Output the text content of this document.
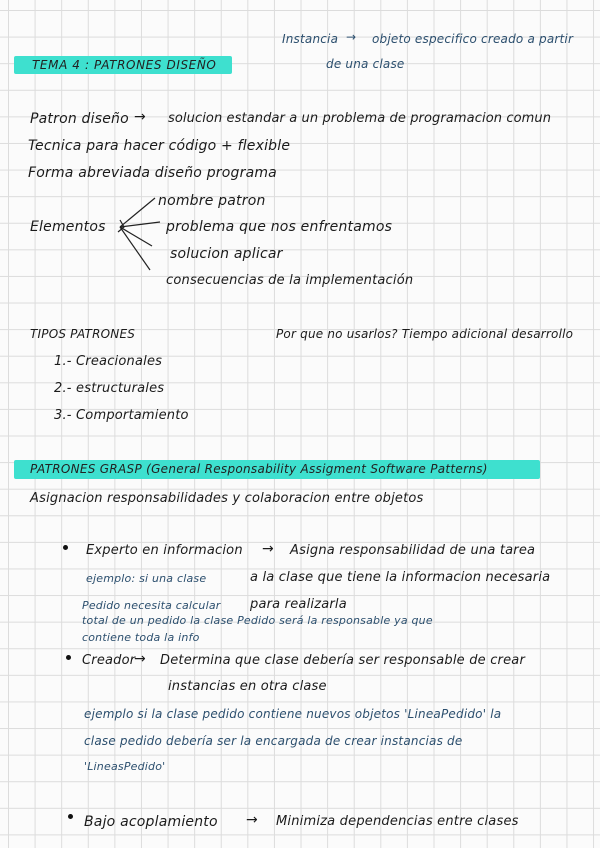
TEMA 4 : PATRONES DISEÑO
Instancia → objeto especifico creado a partir
de una clase
Patron diseño → solucion estandar a un problema de programacion comun
Tecnica para hacer código + flexible
Forma abreviada diseño programa
Elementos
nombre patron
problema que nos enfrentamos
solucion aplicar
consecuencias de la implementación
TIPOS PATRONES	Por que no usarlos? Tiempo adicional desarrollo
1.- Creacionales
2.- estructurales
3.- Comportamiento
PATRONES GRASP (General Responsability Assigment Software Patterns)
Asignacion responsabilidades y colaboracion entre objetos
Experto en informacion → Asigna responsabilidad de una tarea
ejemplo: si una clase	a la clase que tiene la informacion necesaria
Pedido necesita calcular para realizarla
total de un pedido la clase Pedido será la responsable ya que
contiene toda la info
Creador
→ Determina que clase debería ser responsable de crear
instancias en otra clase
ejemplo si la clase pedido contiene nuevos objetos 'LineaPedido' la
clase pedido debería ser la encargada de crear instancias de
'LineasPedido'
Bajo acoplamiento → Minimiza dependencias entre clases
